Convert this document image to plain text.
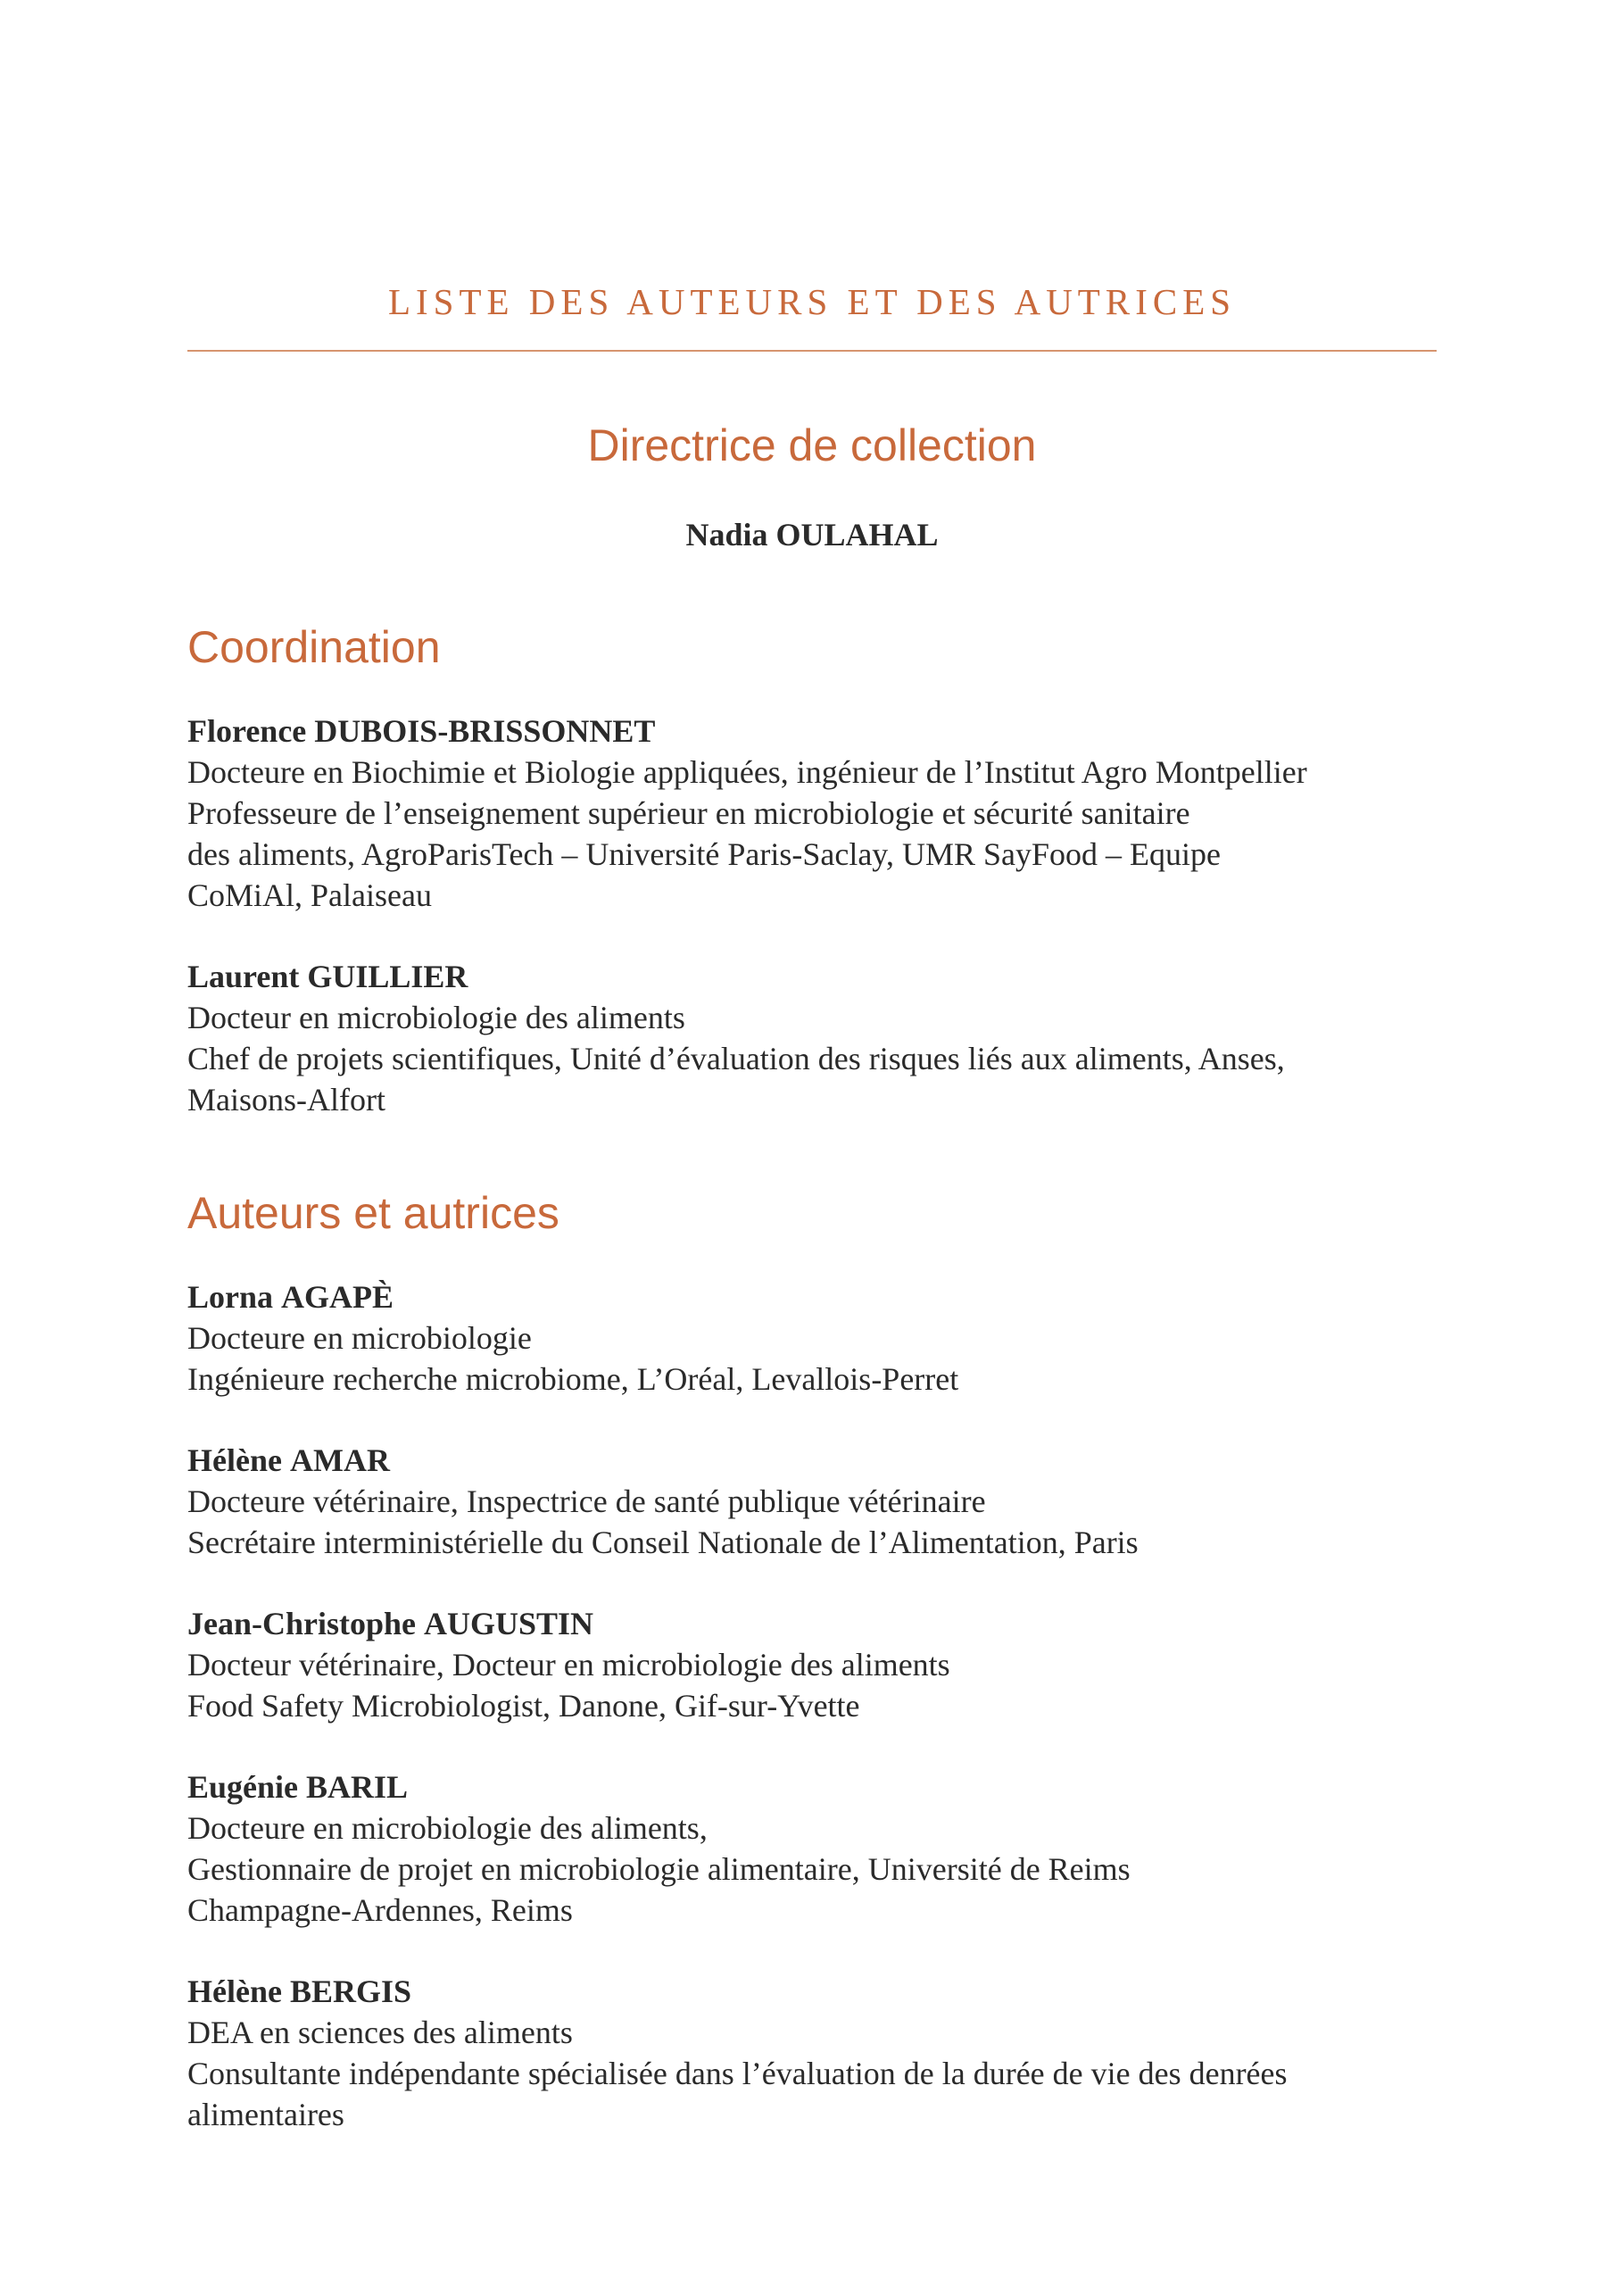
LISTE DES AUTEURS ET DES AUTRICES
Directrice de collection
Nadia OULAHAL
Coordination

Florence DUBOIS-BRISSONNET

Docteure en Biochimie et Biologie appliquées, ingénieur de l’Institut Agro Montpellier

Professeure de l’enseignement supérieur en microbiologie et sécurité sanitaire

des aliments, AgroParisTech – Université Paris-Saclay, UMR SayFood – Equipe

CoMiAl, Palaiseau

Laurent GUILLIER

Docteur en microbiologie des aliments

Chef de projets scientifiques, Unité d’évaluation des risques liés aux aliments, Anses,

Maisons-Alfort

Auteurs et autrices

Lorna AGAPÈ

Docteure en microbiologie

Ingénieure recherche microbiome, L’Oréal, Levallois-Perret

Hélène AMAR

Docteure vétérinaire, Inspectrice de santé publique vétérinaire

Secrétaire interministérielle du Conseil Nationale de l’Alimentation, Paris

Jean-Christophe AUGUSTIN

Docteur vétérinaire, Docteur en microbiologie des aliments

Food Safety Microbiologist, Danone, Gif-sur-Yvette

Eugénie BARIL

Docteure en microbiologie des aliments,

Gestionnaire de projet en microbiologie alimentaire, Université de Reims

Champagne-Ardennes, Reims

Hélène BERGIS

DEA en sciences des aliments

Consultante indépendante spécialisée dans l’évaluation de la durée de vie des denrées

alimentaires
